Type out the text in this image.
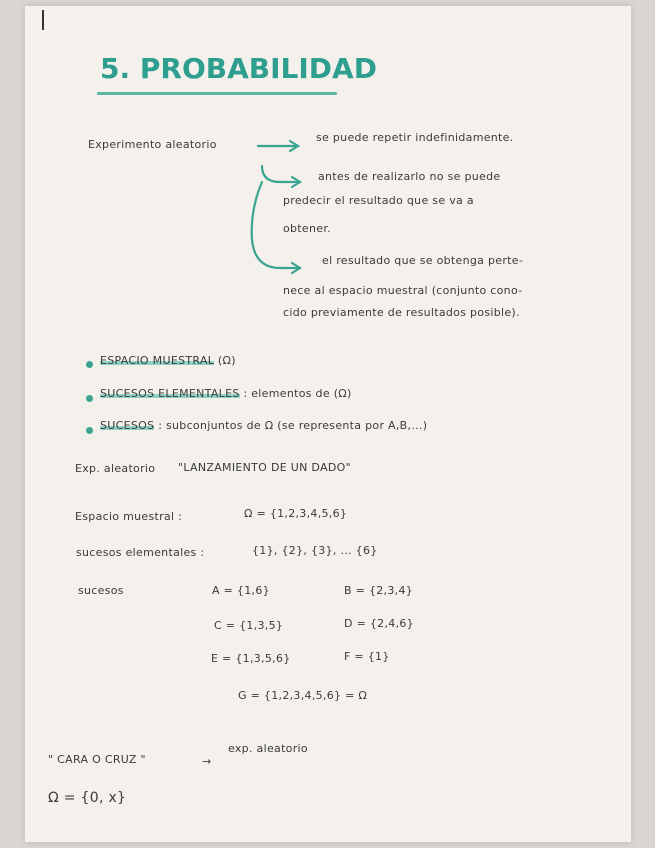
5. PROBABILIDAD
Experimento aleatorio
se puede repetir indefinidamente.
antes de realizarlo no se puede
predecir el resultado que se va a
obtener.
el resultado que se obtenga perte-
nece al espacio muestral (conjunto cono-
cido previamente de resultados posible).
ESPACIO MUESTRAL (Ω)
SUCESOS ELEMENTALES : elementos de (Ω)
SUCESOS : subconjuntos de Ω (se representa por A,B,...)
Exp. aleatorio "LANZAMIENTO DE UN DADO"
Espacio muestral :	Ω = {1,2,3,4,5,6}
sucesos elementales :	{1}, {2}, {3}, ... {6}
sucesos	A = {1,6}	B = {2,3,4}
C = {1,3,5}	D = {2,4,6}
E = {1,3,5,6}	F = {1}
G = {1,2,3,4,5,6} = Ω
" CARA O CRUZ "	→
exp. aleatorio
Ω = {0, x}
